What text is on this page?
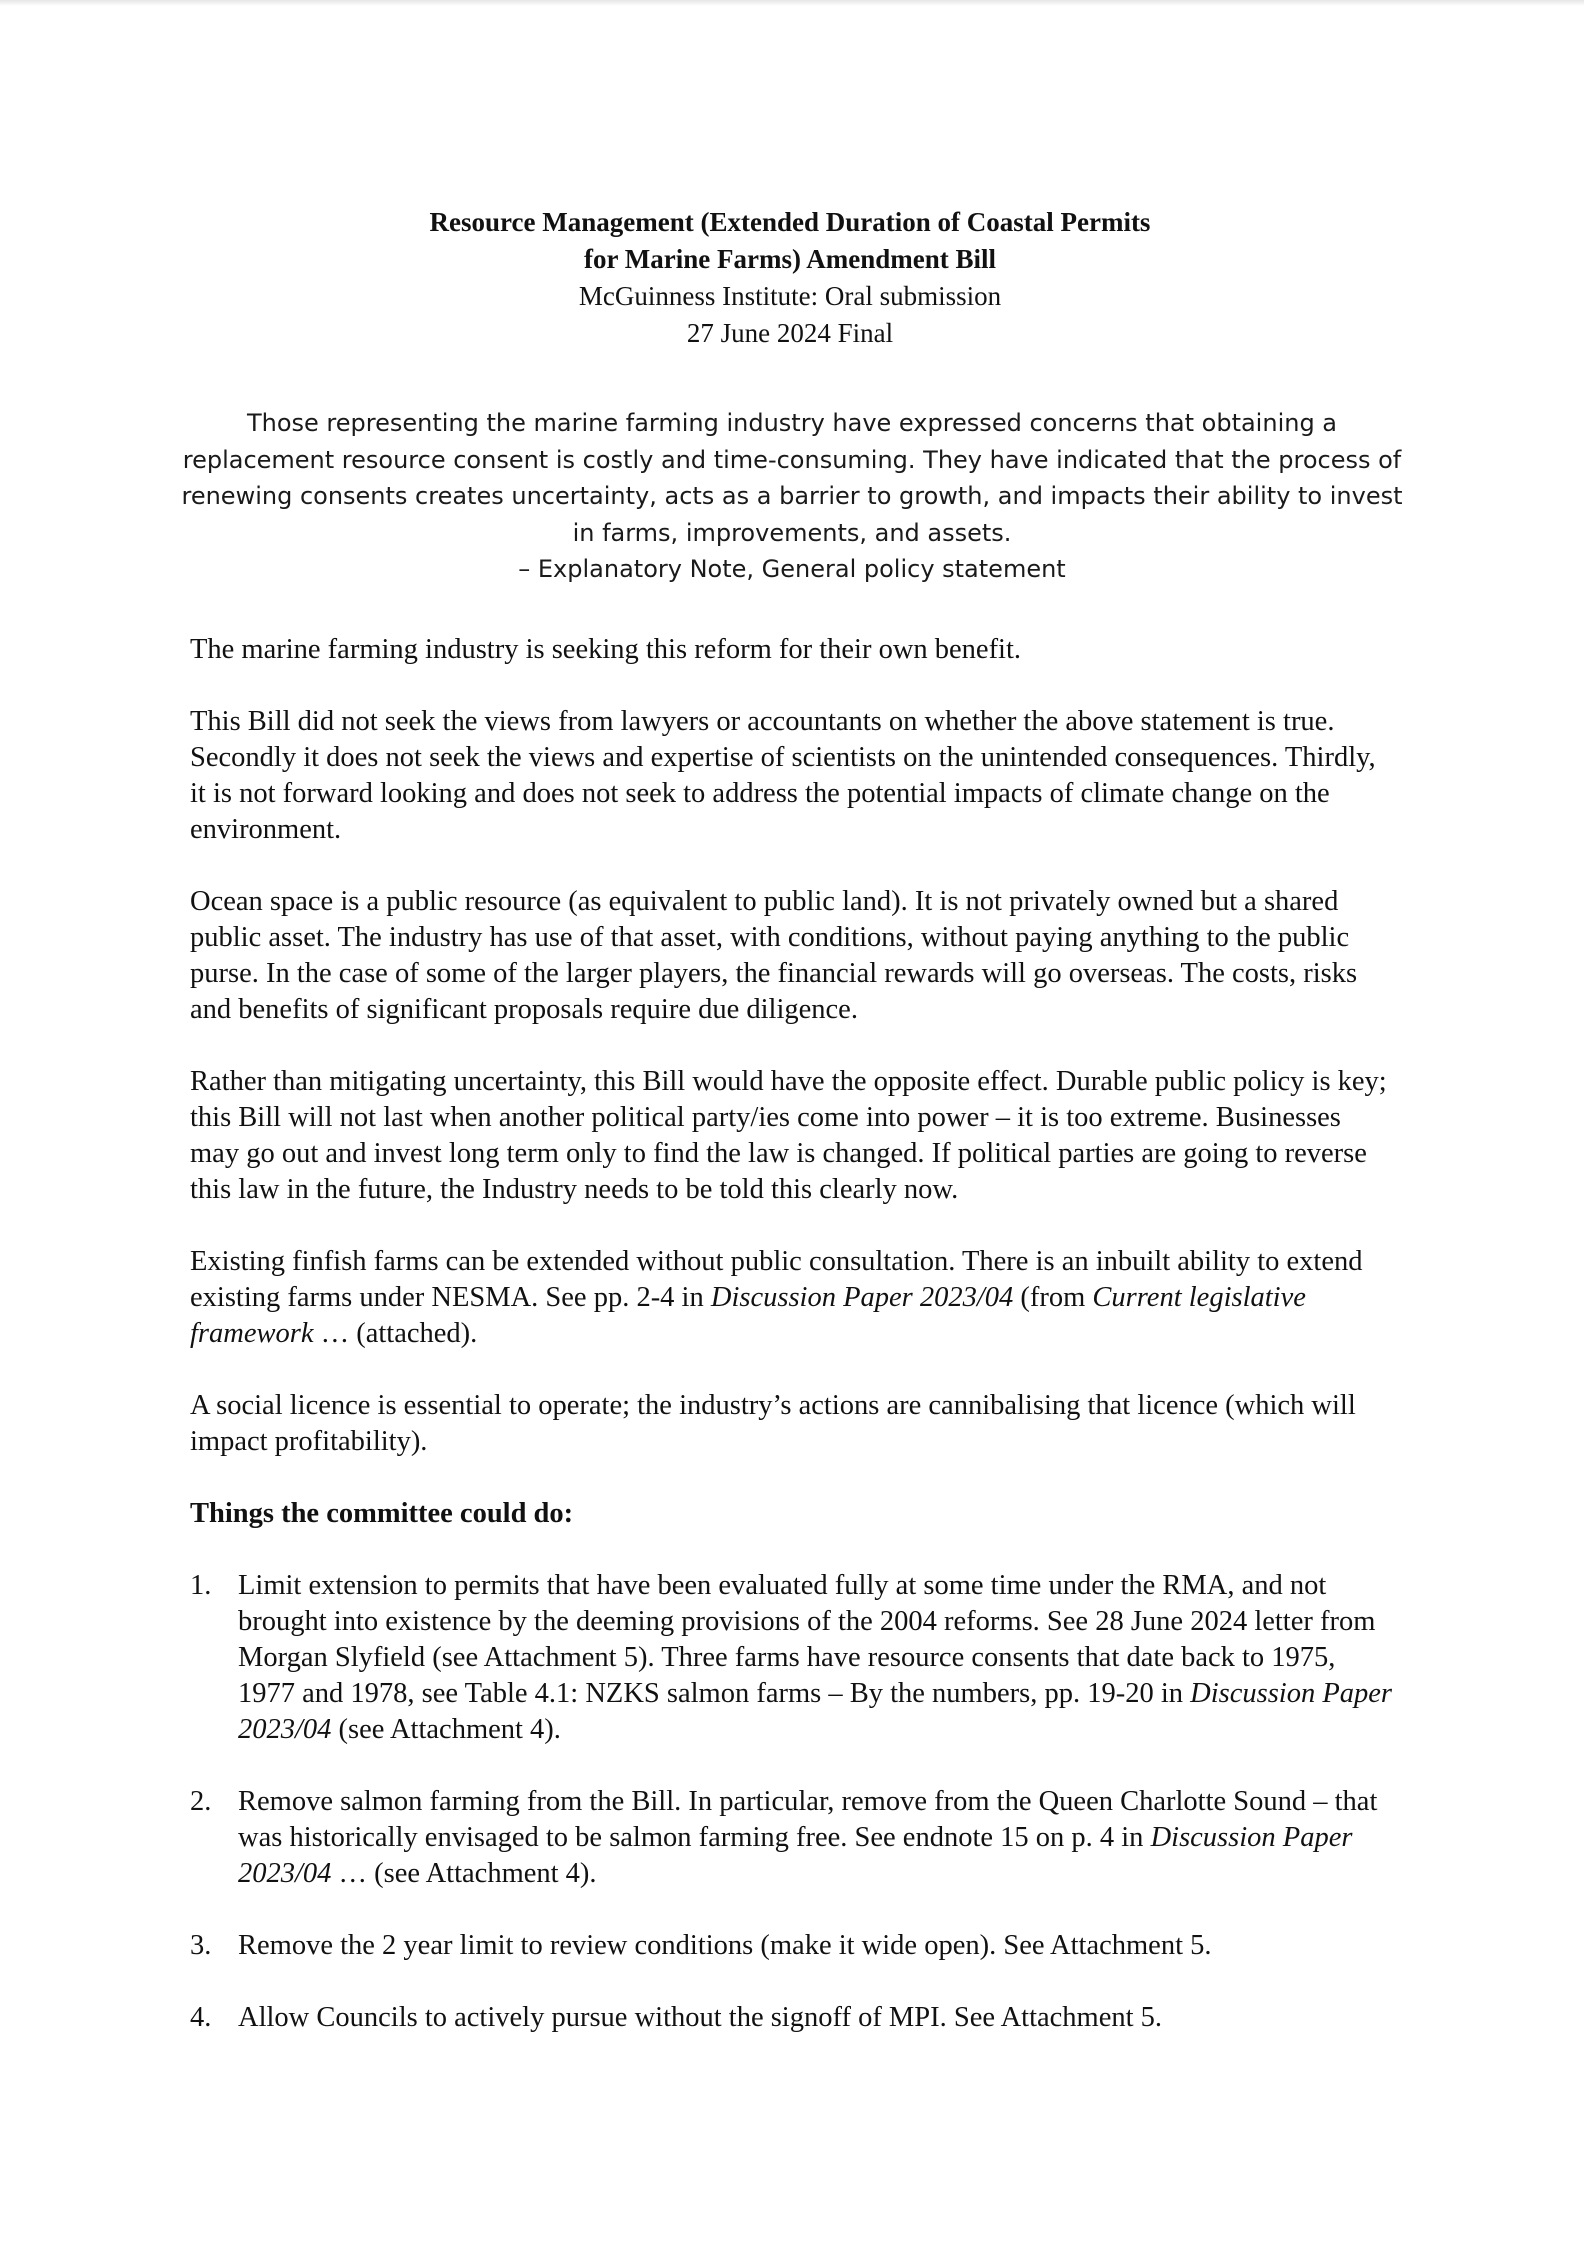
Resource Management (Extended Duration of Coastal Permits
for Marine Farms) Amendment Bill
McGuinness Institute: Oral submission
27 June 2024 Final

Those representing the marine farming industry have expressed concerns that obtaining a replacement resource consent is costly and time-consuming. They have indicated that the process of renewing consents creates uncertainty, acts as a barrier to growth, and impacts their ability to invest in farms, improvements, and assets.

– Explanatory Note, General policy statement

The marine farming industry is seeking this reform for their own benefit.

This Bill did not seek the views from lawyers or accountants on whether the above statement is true. Secondly it does not seek the views and expertise of scientists on the unintended consequences. Thirdly, it is not forward looking and does not seek to address the potential impacts of climate change on the environment.

Ocean space is a public resource (as equivalent to public land). It is not privately owned but a shared public asset. The industry has use of that asset, with conditions, without paying anything to the public purse. In the case of some of the larger players, the financial rewards will go overseas. The costs, risks and benefits of significant proposals require due diligence.

Rather than mitigating uncertainty, this Bill would have the opposite effect. Durable public policy is key; this Bill will not last when another political party/ies come into power – it is too extreme. Businesses may go out and invest long term only to find the law is changed. If political parties are going to reverse this law in the future, the Industry needs to be told this clearly now.

Existing finfish farms can be extended without public consultation. There is an inbuilt ability to extend existing farms under NESMA. See pp. 2-4 in Discussion Paper 2023/04 (from Current legislative framework … (attached).

A social licence is essential to operate; the industry’s actions are cannibalising that licence (which will impact profitability).

Things the committee could do:
1. Limit extension to permits that have been evaluated fully at some time under the RMA, and not brought into existence by the deeming provisions of the 2004 reforms. See 28 June 2024 letter from Morgan Slyfield (see Attachment 5). Three farms have resource consents that date back to 1975, 1977 and 1978, see Table 4.1: NZKS salmon farms – By the numbers, pp. 19-20 in Discussion Paper 2023/04 (see Attachment 4).
2. Remove salmon farming from the Bill. In particular, remove from the Queen Charlotte Sound – that was historically envisaged to be salmon farming free. See endnote 15 on p. 4 in Discussion Paper 2023/04 … (see Attachment 4).
3. Remove the 2 year limit to review conditions (make it wide open). See Attachment 5.
4. Allow Councils to actively pursue without the signoff of MPI. See Attachment 5.
